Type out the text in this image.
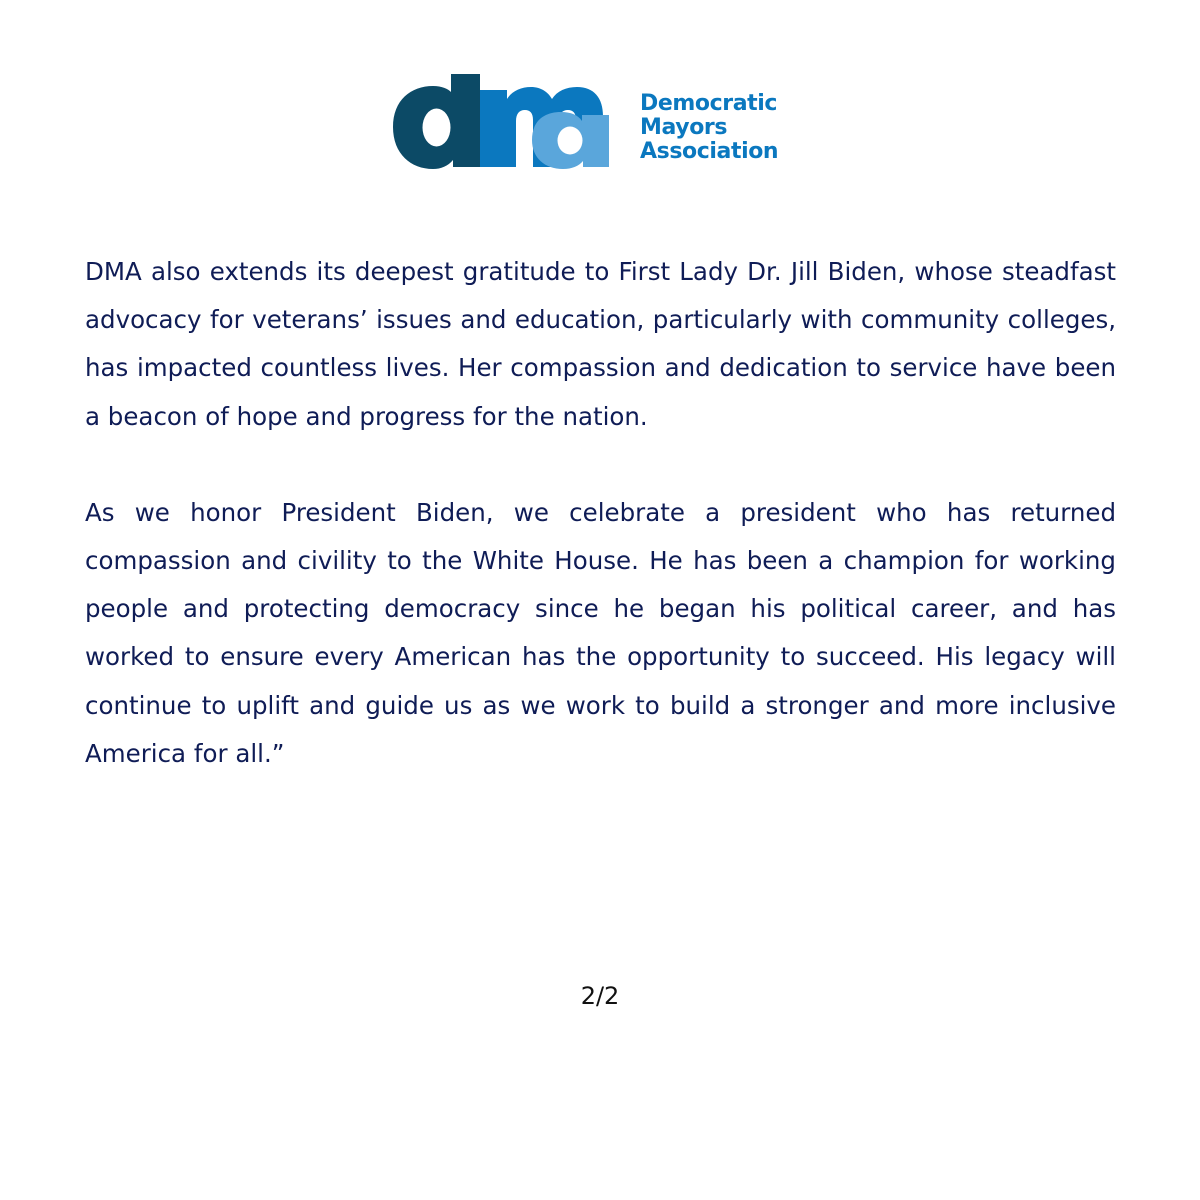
Democratic
Mayors
Association

DMA also extends its deepest gratitude to First Lady Dr. Jill Biden, whose steadfast advocacy for veterans’ issues and education, particularly with community colleges, has impacted countless lives. Her compassion and dedication to service have been a beacon of hope and progress for the nation.

As we honor President Biden, we celebrate a president who has returned compassion and civility to the White House. He has been a champion for working people and protecting democracy since he began his political career, and has worked to ensure every American has the opportunity to succeed. His legacy will continue to uplift and guide us as we work to build a stronger and more inclusive America for all.”

2/2
